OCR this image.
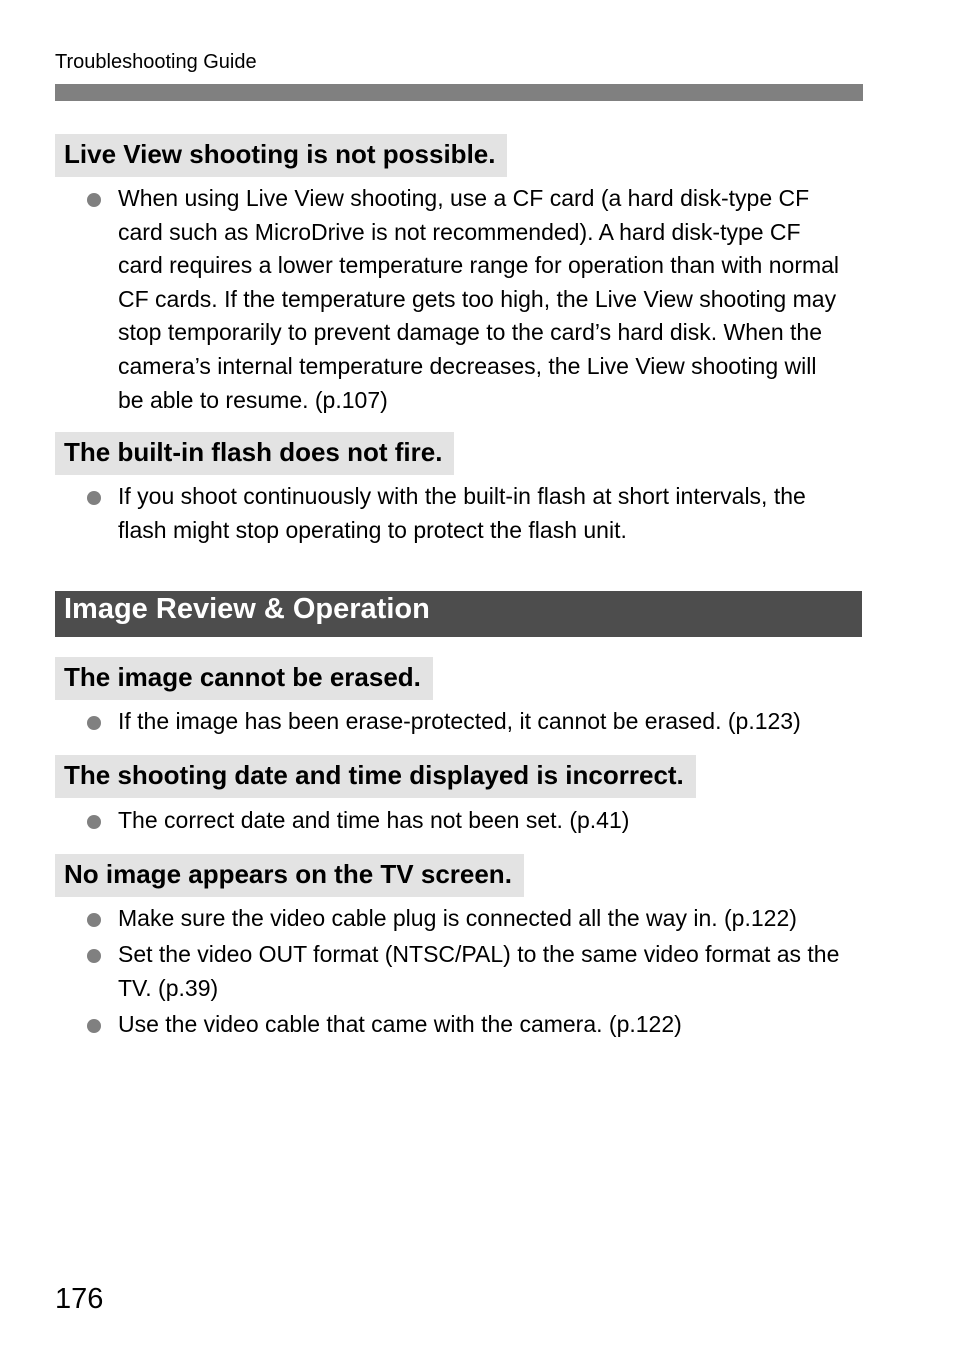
Troubleshooting Guide
Live View shooting is not possible.
When using Live View shooting, use a CF card (a hard disk-type CF card such as MicroDrive is not recommended). A hard disk-type CF card requires a lower temperature range for operation than with normal CF cards. If the temperature gets too high, the Live View shooting may stop temporarily to prevent damage to the card’s hard disk. When the camera’s internal temperature decreases, the Live View shooting will be able to resume. (p.107)
The built-in flash does not fire.
If you shoot continuously with the built-in flash at short intervals, the flash might stop operating to protect the flash unit.
Image Review & Operation
The image cannot be erased.
If the image has been erase-protected, it cannot be erased. (p.123)
The shooting date and time displayed is incorrect.
The correct date and time has not been set. (p.41)
No image appears on the TV screen.
Make sure the video cable plug is connected all the way in. (p.122)
Set the video OUT format (NTSC/PAL) to the same video format as the TV. (p.39)
Use the video cable that came with the camera. (p.122)
176
